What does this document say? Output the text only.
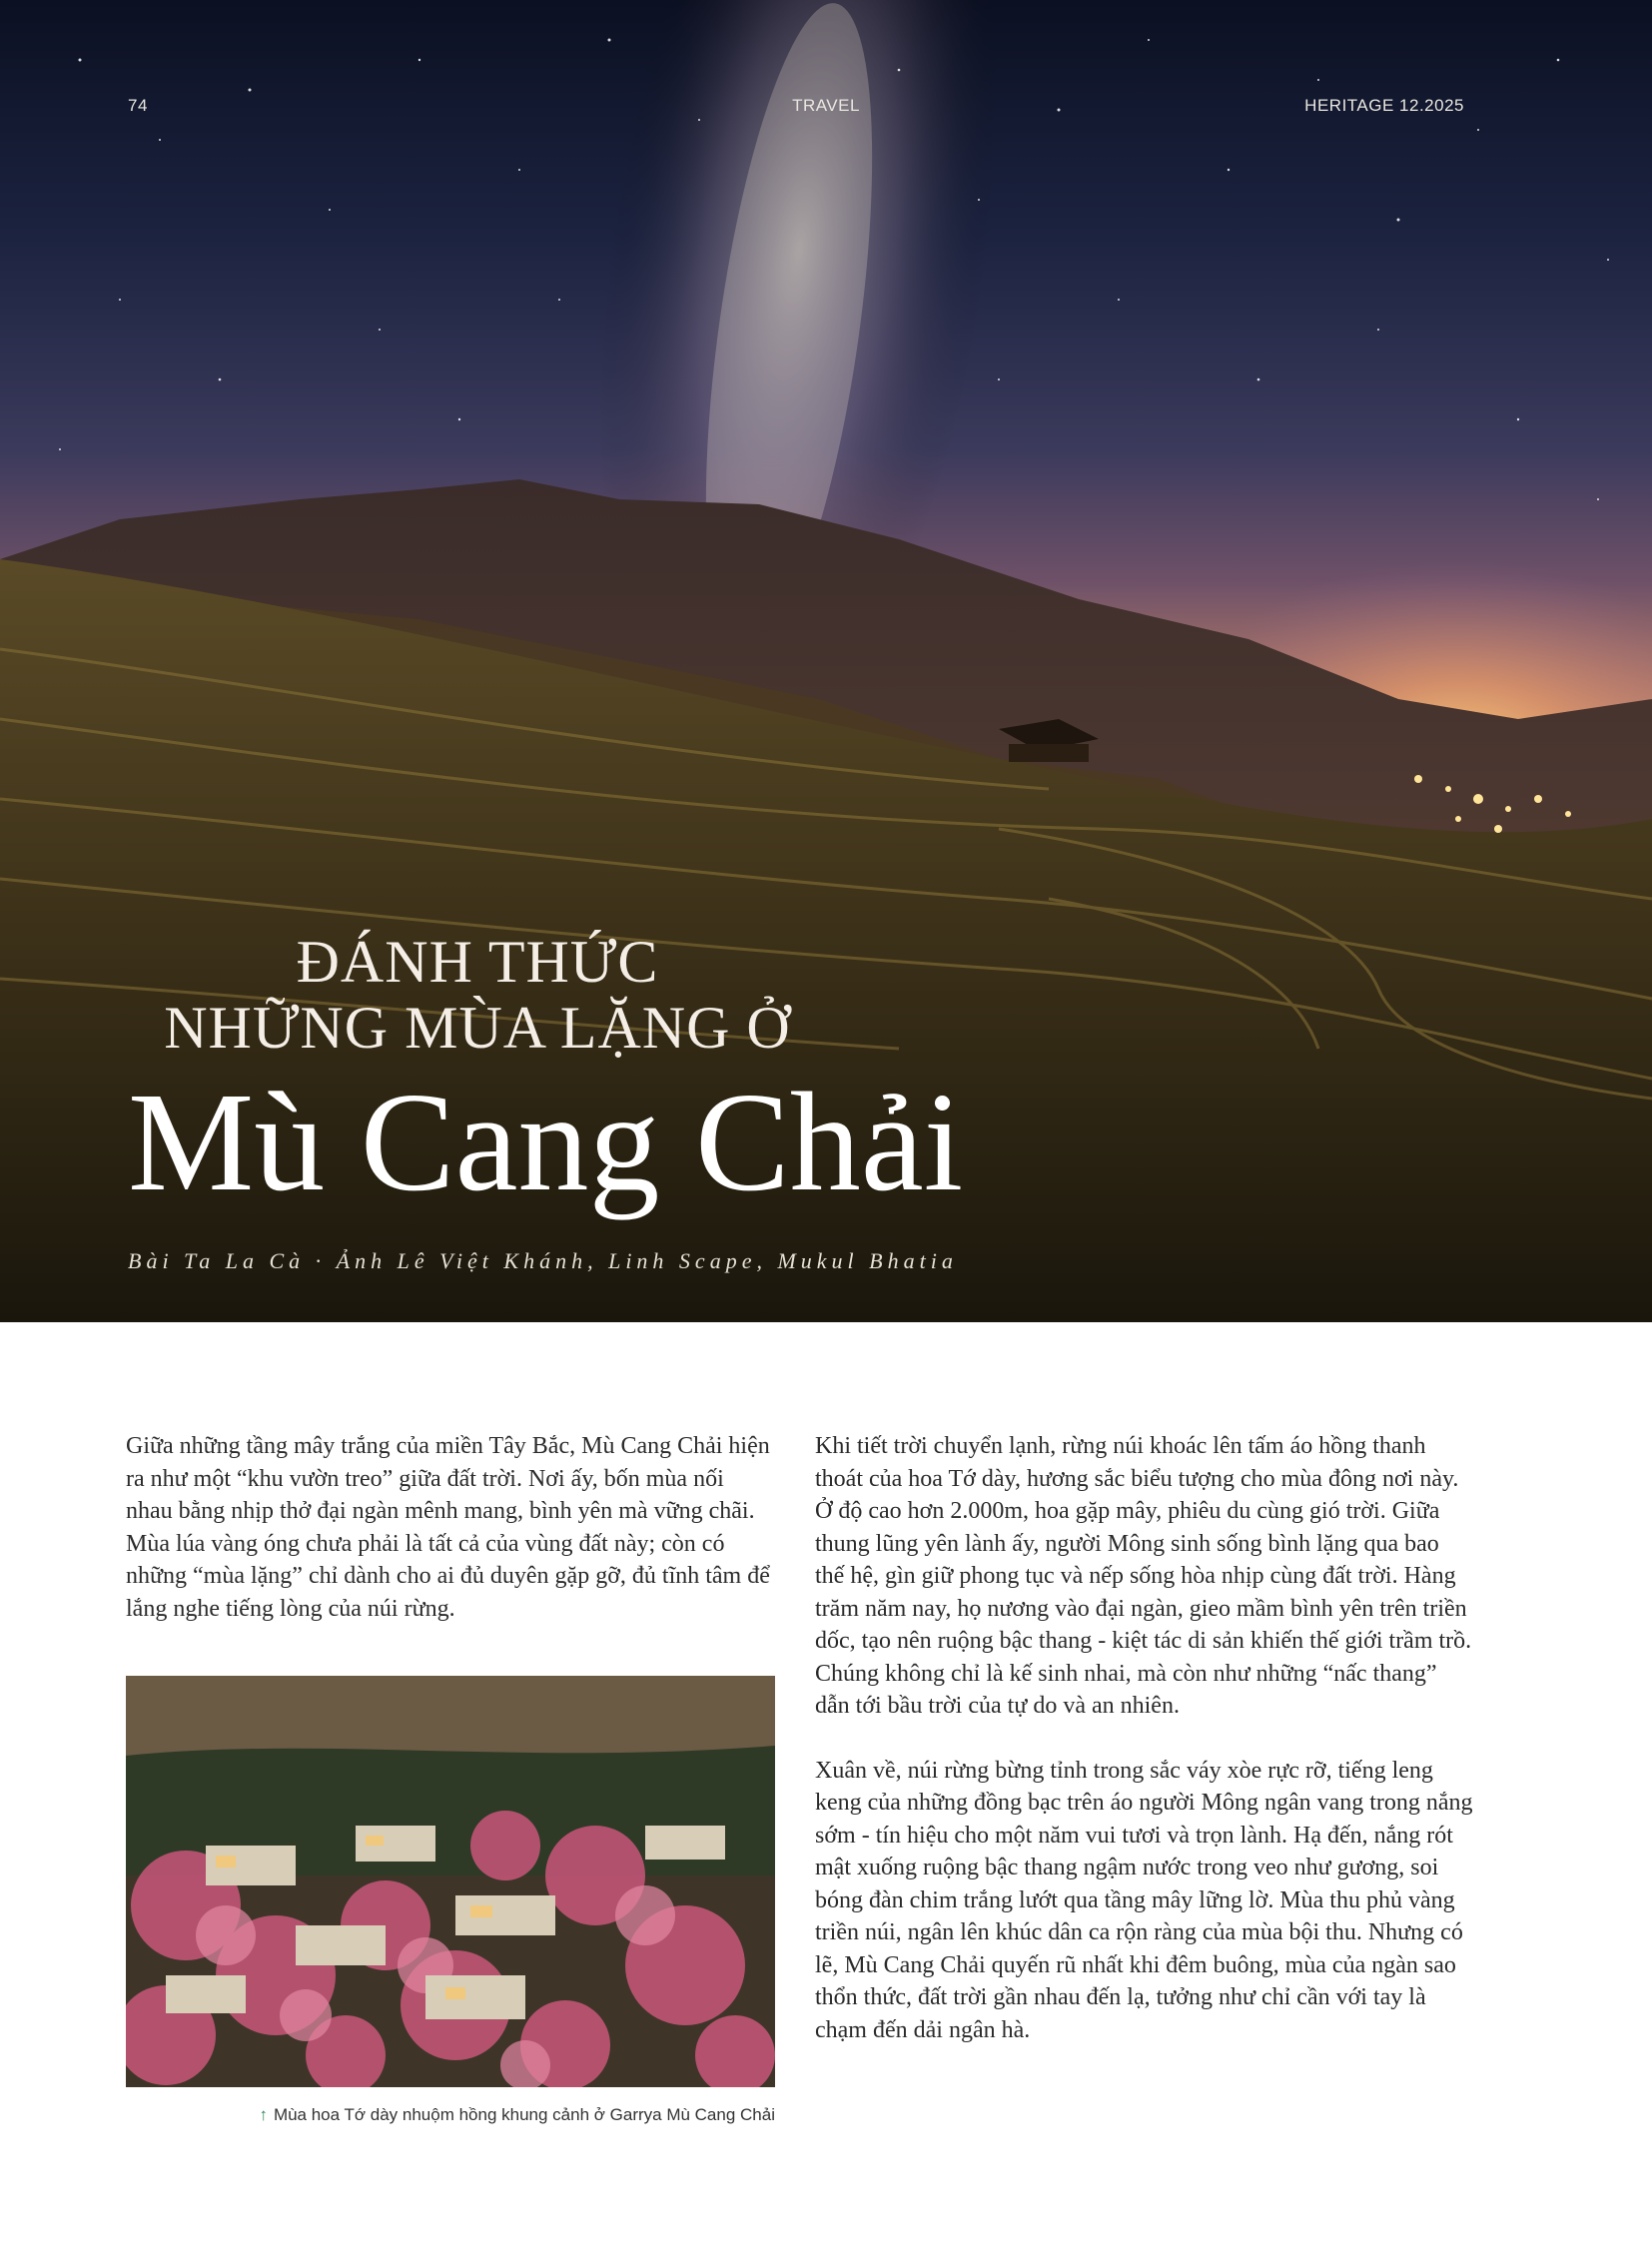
74	TRAVEL	HERITAGE 12.2025
ĐÁNH THỨC
NHỮNG MÙA LẶNG Ở
Mù Cang Chải
Bài Ta La Cà · Ảnh Lê Việt Khánh, Linh Scape, Mukul Bhatia

Giữa những tầng mây trắng của miền Tây Bắc, Mù Cang Chải hiện ra như một “khu vườn treo” giữa đất trời. Nơi ấy, bốn mùa nối nhau bằng nhịp thở đại ngàn mênh mang, bình yên mà vững chãi. Mùa lúa vàng óng chưa phải là tất cả của vùng đất này; còn có những “mùa lặng” chỉ dành cho ai đủ duyên gặp gỡ, đủ tĩnh tâm để lắng nghe tiếng lòng của núi rừng.

↑ Mùa hoa Tớ dày nhuộm hồng khung cảnh ở Garrya Mù Cang Chải

Khi tiết trời chuyển lạnh, rừng núi khoác lên tấm áo hồng thanh thoát của hoa Tớ dày, hương sắc biểu tượng cho mùa đông nơi này. Ở độ cao hơn 2.000m, hoa gặp mây, phiêu du cùng gió trời. Giữa thung lũng yên lành ấy, người Mông sinh sống bình lặng qua bao thế hệ, gìn giữ phong tục và nếp sống hòa nhịp cùng đất trời. Hàng trăm năm nay, họ nương vào đại ngàn, gieo mầm bình yên trên triền dốc, tạo nên ruộng bậc thang - kiệt tác di sản khiến thế giới trầm trồ. Chúng không chỉ là kế sinh nhai, mà còn như những “nấc thang” dẫn tới bầu trời của tự do và an nhiên.

Xuân về, núi rừng bừng tỉnh trong sắc váy xòe rực rỡ, tiếng leng keng của những đồng bạc trên áo người Mông ngân vang trong nắng sớm - tín hiệu cho một năm vui tươi và trọn lành. Hạ đến, nắng rót mật xuống ruộng bậc thang ngậm nước trong veo như gương, soi bóng đàn chim trắng lướt qua tầng mây lững lờ. Mùa thu phủ vàng triền núi, ngân lên khúc dân ca rộn ràng của mùa bội thu. Nhưng có lẽ, Mù Cang Chải quyến rũ nhất khi đêm buông, mùa của ngàn sao thổn thức, đất trời gần nhau đến lạ, tưởng như chỉ cần với tay là chạm đến dải ngân hà.
